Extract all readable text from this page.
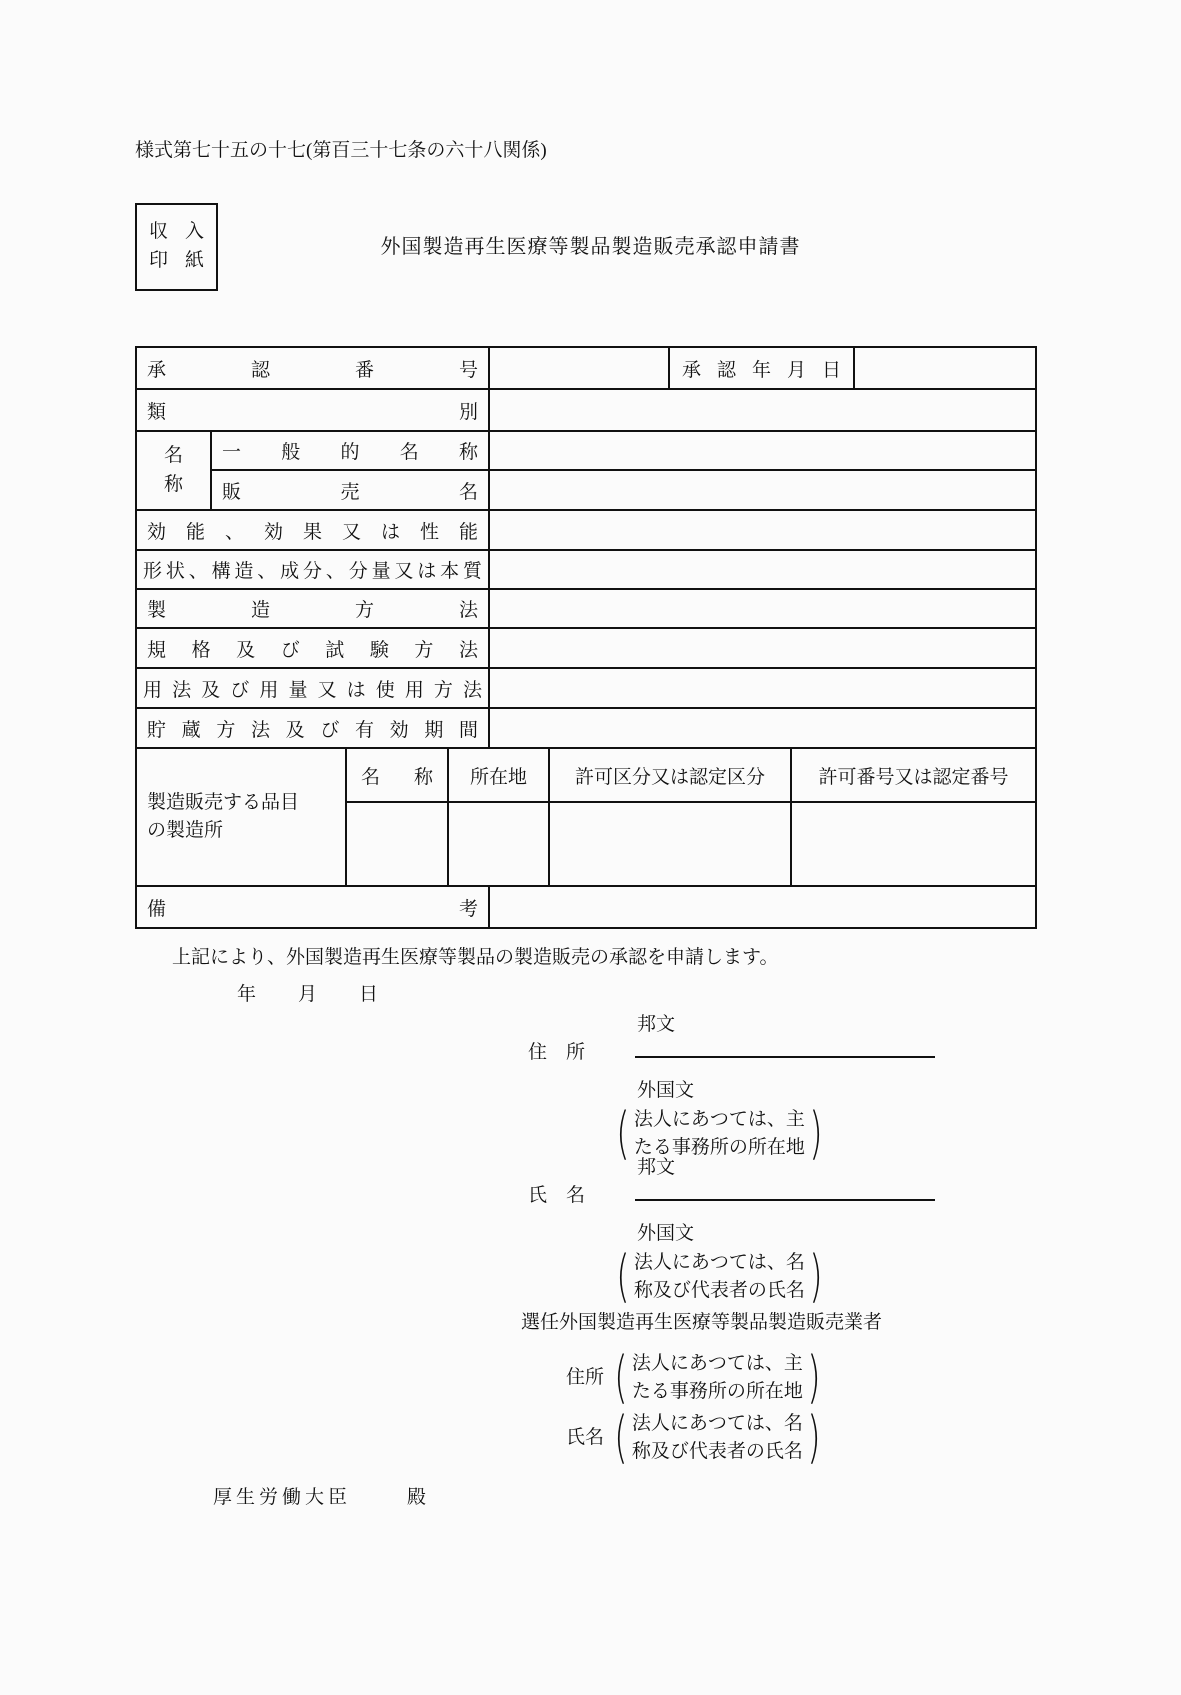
様式第七十五の十七(第百三十七条の六十八関係)
収入
印紙
外国製造再生医療等製品製造販売承認申請書
承認番号						承認年月日		
類別								

名称	一般的名称							
	販売名							
効能、効果又は性能								
形状、構造、成分、分量又は本質								
製造方法								
規格及び試験方法								
用法及び用量又は使用方法								
貯蔵方法及び有効期間								

製造販売する品目
の製造所		名称	所在地		許可区分又は認定区分		許可番号又は認定番号	

備考								
上記により、外国製造再生医療等製品の製造販売の承認を申請します。
年 月 日
邦文
住　所
外国文
( 法人にあつては、主
たる事務所の所在地 )
邦文
氏　名
外国文
( 法人にあつては、名
称及び代表者の氏名 )
選任外国製造再生医療等製品製造販売業者
住所 ( 法人にあつては、主
たる事務所の所在地 )
氏名 ( 法人にあつては、名
称及び代表者の氏名 )
厚生労働大臣	殿
